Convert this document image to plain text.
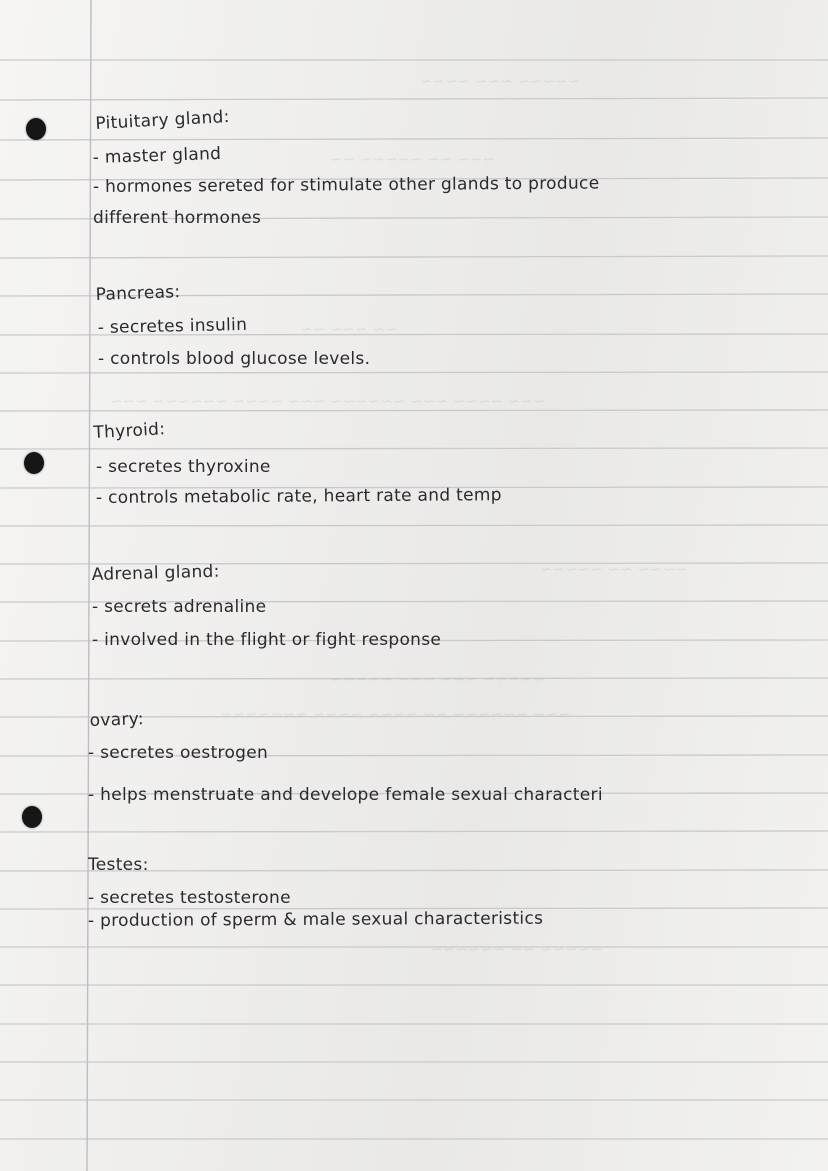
~~~~~ ~~~ ~~~~
~~~ ~~ ~~~~~ ~~
~~ ~~~ ~~
~~~ ~~~~ ~~~ ~~~~~~ ~~~ ~~~~ ~~~~~~ ~~~
~~~~ ~~ ~~~~~
~~~~~ ~~~ ~~~ ~~~~~
~~~ ~~~~~~ ~~ ~~~~ ~~~~ ~~~~~~~
~~~~~ ~~ ~~~~~~
Pituitary gland:
- master gland
- hormones sereted for stimulate other glands to produce
different hormones
Pancreas:
- secretes insulin
- controls blood glucose levels.
Thyroid:
- secretes thyroxine
- controls metabolic rate, heart rate and temp
Adrenal gland:
- secrets adrenaline
- involved in the flight or fight response
ovary:
- secretes oestrogen
- helps menstruate and develope female sexual characteri
Testes:
- secretes testosterone
- production of sperm & male sexual characteristics
